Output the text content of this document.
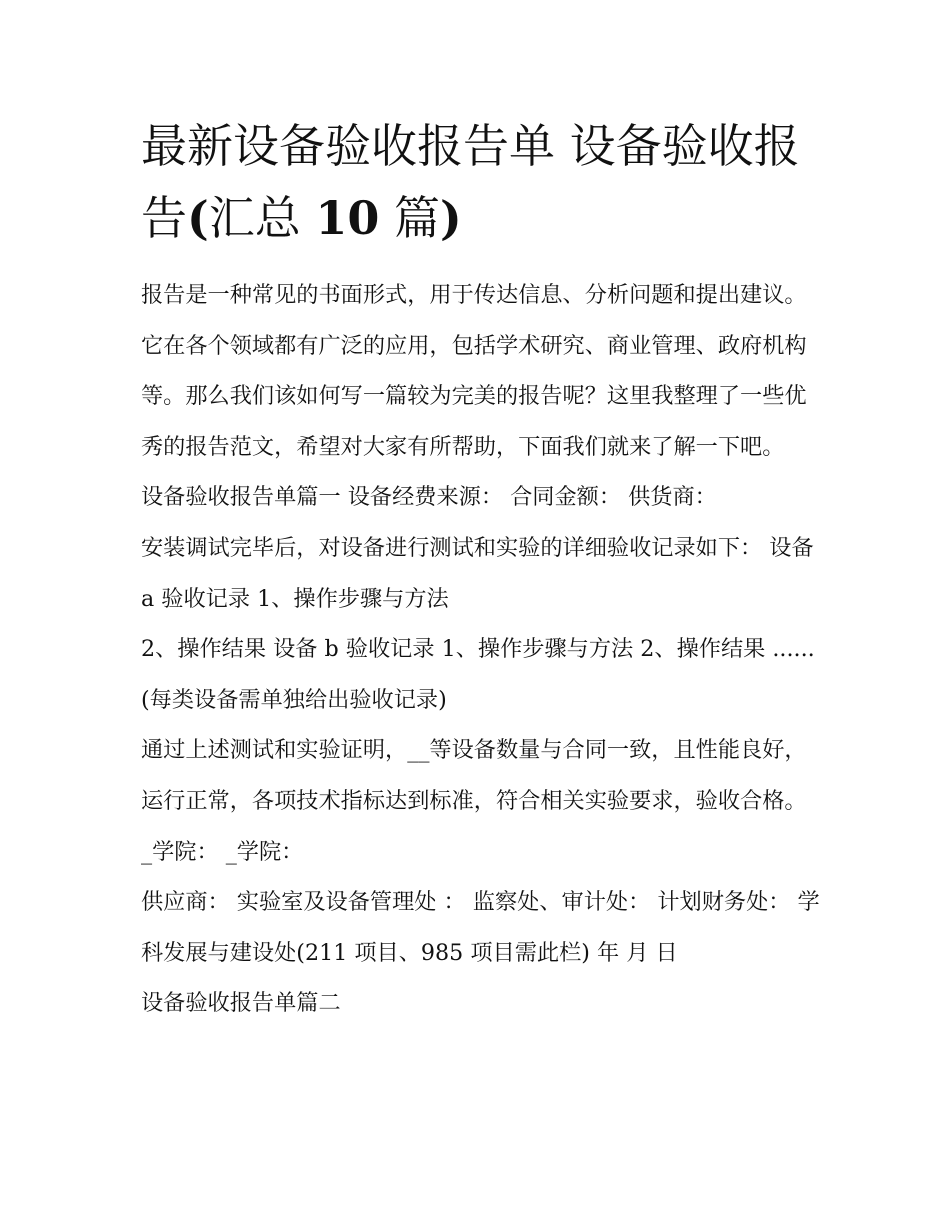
最新设备验收报告单 设备验收报告(汇总 10 篇)

报告是一种常见的书面形式，用于传达信息、分析问题和提出建议。它在各个领域都有广泛的应用，包括学术研究、商业管理、政府机构等。那么我们该如何写一篇较为完美的报告呢？这里我整理了一些优秀的报告范文，希望对大家有所帮助，下面我们就来了解一下吧。

设备验收报告单篇一 设备经费来源： 合同金额： 供货商：

安装调试完毕后，对设备进行测试和实验的详细验收记录如下： 设备 a 验收记录 1、操作步骤与方法

2、操作结果 设备 b 验收记录 1、操作步骤与方法 2、操作结果 ...... (每类设备需单独给出验收记录)

通过上述测试和实验证明，__等设备数量与合同一致，且性能良好，运行正常，各项技术指标达到标准，符合相关实验要求，验收合格。 _学院： _学院：

供应商： 实验室及设备管理处 ： 监察处、审计处： 计划财务处： 学科发展与建设处(211 项目、985 项目需此栏) 年 月 日

设备验收报告单篇二
